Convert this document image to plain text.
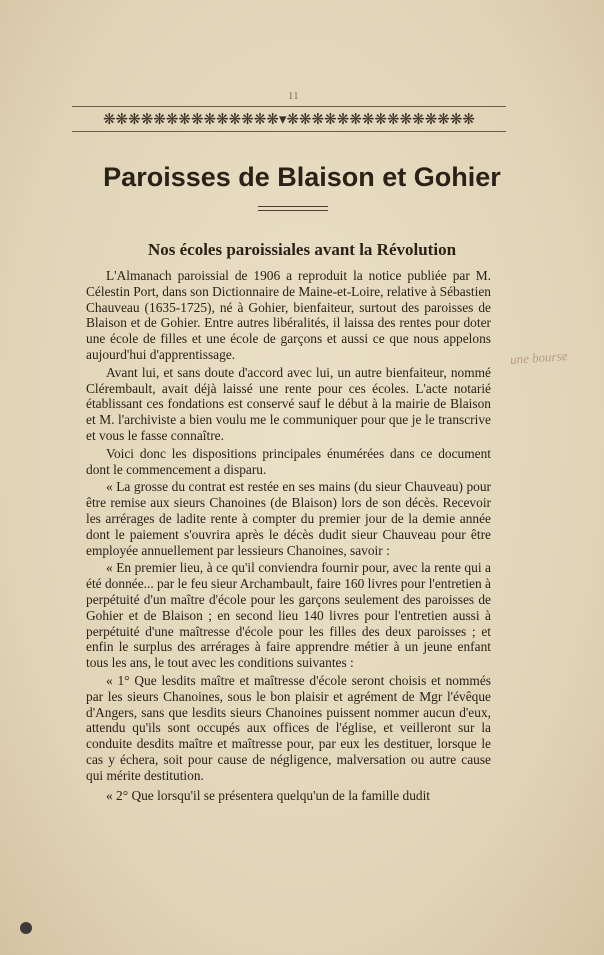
11
❋❋❋❋❋❋❋❋❋❋❋❋❋❋▾❋❋❋❋❋❋❋❋❋❋❋❋❋❋❋
Paroisses de Blaison et Gohier
Nos écoles paroissiales avant la Révolution

L'Almanach paroissial de 1906 a reproduit la notice publiée par M. Célestin Port, dans son Dictionnaire de Maine-et-Loire, relative à Sébastien Chauveau (1635-1725), né à Gohier, bienfaiteur, surtout des paroisses de Blaison et de Gohier. Entre autres libéralités, il laissa des rentes pour doter une école de filles et une école de garçons et aussi ce que nous appelons aujourd'hui d'apprentissage.

Avant lui, et sans doute d'accord avec lui, un autre bienfaiteur, nommé Clérembault, avait déjà laissé une rente pour ces écoles. L'acte notarié établissant ces fondations est conservé sauf le début à la mairie de Blaison et M. l'archiviste a bien voulu me le communiquer pour que je le transcrive et vous le fasse connaître.

Voici donc les dispositions principales énumérées dans ce document dont le commencement a disparu.

« La grosse du contrat est restée en ses mains (du sieur Chauveau) pour être remise aux sieurs Chanoines (de Blaison) lors de son décès. Recevoir les arrérages de ladite rente à compter du premier jour de la demie année dont le paiement s'ouvrira après le décès dudit sieur Chauveau pour être employée annuellement par lessieurs Chanoines, savoir :

« En premier lieu, à ce qu'il conviendra fournir pour, avec la rente qui a été donnée... par le feu sieur Archambault, faire 160 livres pour l'entretien à perpétuité d'un maître d'école pour les garçons seulement des paroisses de Gohier et de Blaison ; en second lieu 140 livres pour l'entretien aussi à perpétuité d'une maîtresse d'école pour les filles des deux paroisses ; et enfin le surplus des arrérages à faire apprendre métier à un jeune enfant tous les ans, le tout avec les conditions suivantes :

« 1° Que lesdits maître et maîtresse d'école seront choisis et nommés par les sieurs Chanoines, sous le bon plaisir et agrément de Mgr l'évêque d'Angers, sans que lesdits sieurs Chanoines puissent nommer aucun d'eux, attendu qu'ils sont occupés aux offices de l'église, et veilleront sur la conduite desdits maître et maîtresse pour, par eux les destituer, lorsque le cas y échera, soit pour cause de négligence, malversation ou autre cause qui mérite destitution.

« 2° Que lorsqu'il se présentera quelqu'un de la famille dudit

une bourse
